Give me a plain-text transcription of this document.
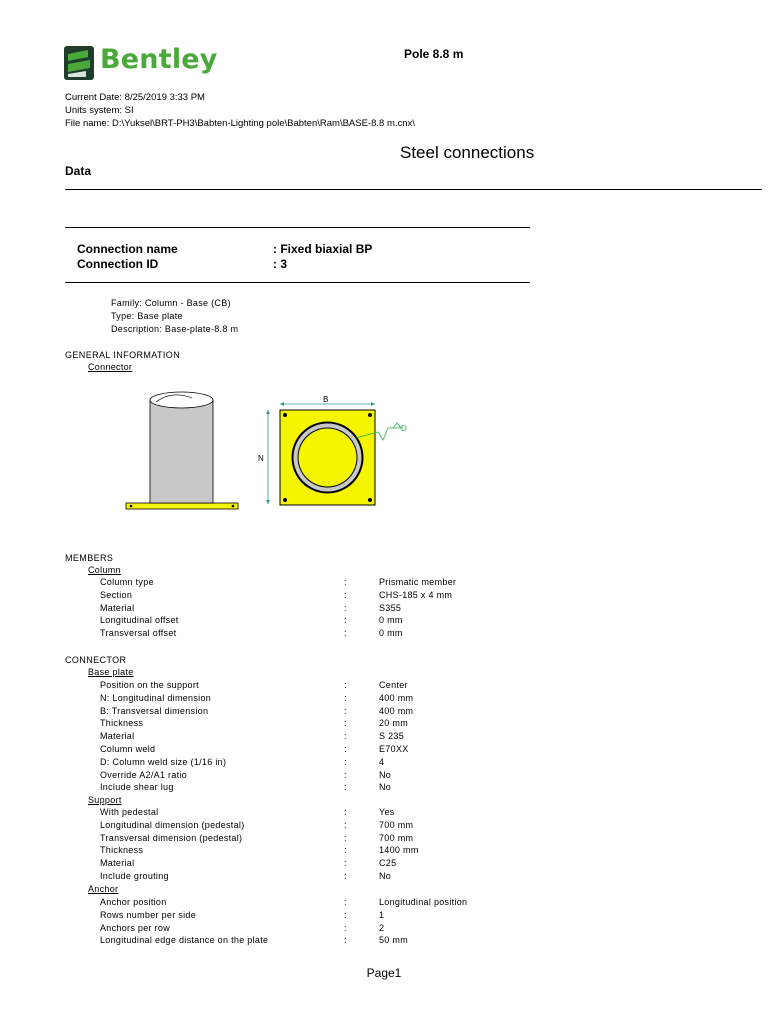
Bentley	Pole 8.8 m
Current Date: 8/25/2019 3:33 PM
Units system: SI
File name: D:\Yuksel\BRT-PH3\Babten-Lighting pole\Babten\Ram\BASE-8.8 m.cnx\
Steel connections
Data
Connection name	: Fixed biaxial BP
Connection ID	: 3
Family: Column - Base (CB)
Type: Base plate
Description: Base-plate-8.8 m
GENERAL INFORMATION
Connector
B
N
D
MEMBERS
Column
Column type	:	Prismatic member
Section	:	CHS-185 x 4 mm
Material	:	S355
Longitudinal offset	:	0 mm
Transversal offset	:	0 mm
CONNECTOR
Base plate
Position on the support	:	Center
N: Longitudinal dimension	:	400 mm
B: Transversal dimension	:	400 mm
Thickness	:	20 mm
Material	:	S 235
Column weld	:	E70XX
D: Column weld size (1/16 in)	:	4
Override A2/A1 ratio	:	No
Include shear lug	:	No
Support
With pedestal	:	Yes
Longitudinal dimension (pedestal)	:	700 mm
Transversal dimension (pedestal)	:	700 mm
Thickness	:	1400 mm
Material	:	C25
Include grouting	:	No
Anchor
Anchor position	:	Longitudinal position
Rows number per side	:	1
Anchors per row	:	2
Longitudinal edge distance on the plate	:	50 mm
Page1
